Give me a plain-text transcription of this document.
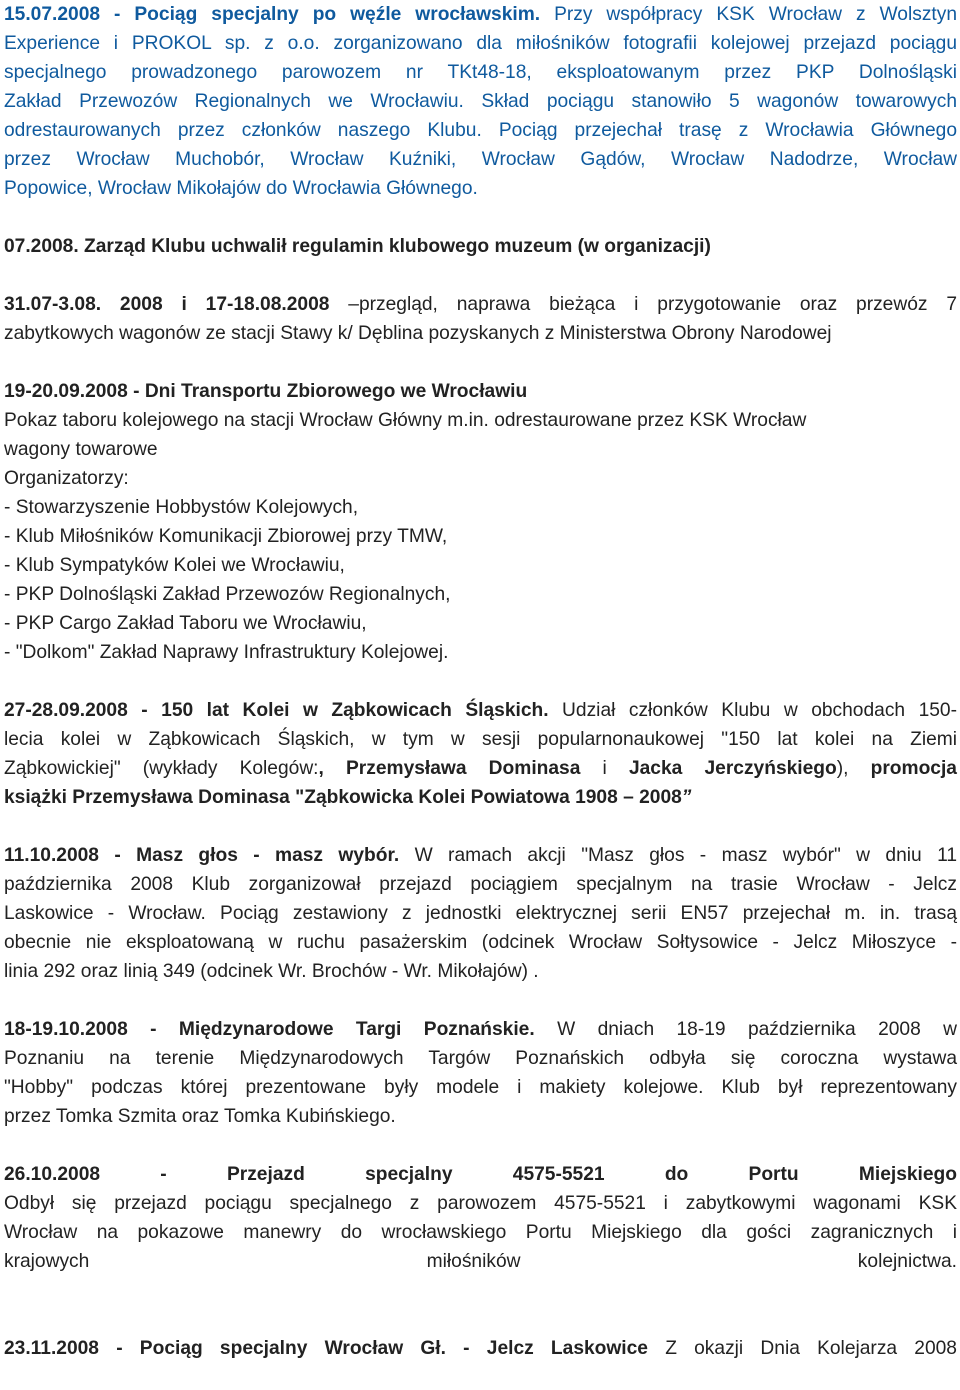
15.07.2008 - Pociąg specjalny po węźle wrocławskim. Przy współpracy KSK Wrocław z Wolsztyn
Experience i PROKOL sp. z o.o. zorganizowano dla miłośników fotografii kolejowej przejazd pociągu
specjalnego prowadzonego parowozem nr TKt48-18, eksploatowanym przez PKP Dolnośląski
Zakład Przewozów Regionalnych we Wrocławiu. Skład pociągu stanowiło 5 wagonów towarowych
odrestaurowanych przez członków naszego Klubu. Pociąg przejechał trasę z Wrocławia Głównego
przez Wrocław Muchobór, Wrocław Kuźniki, Wrocław Gądów, Wrocław Nadodrze, Wrocław
Popowice, Wrocław Mikołajów do Wrocławia Głównego.
07.2008. Zarząd Klubu uchwalił regulamin klubowego muzeum (w organizacji)
31.07-3.08. 2008 i 17-18.08.2008 –przegląd, naprawa bieżąca i przygotowanie oraz przewóz 7
zabytkowych wagonów ze stacji Stawy k/ Dęblina pozyskanych z Ministerstwa Obrony Narodowej
19-20.09.2008 - Dni Transportu Zbiorowego we Wrocławiu
Pokaz taboru kolejowego na stacji Wrocław Główny m.in. odrestaurowane przez KSK Wrocław
wagony towarowe
Organizatorzy:
- Stowarzyszenie Hobbystów Kolejowych,
- Klub Miłośników Komunikacji Zbiorowej przy TMW,
- Klub Sympatyków Kolei we Wrocławiu,
- PKP Dolnośląski Zakład Przewozów Regionalnych,
- PKP Cargo Zakład Taboru we Wrocławiu,
- "Dolkom" Zakład Naprawy Infrastruktury Kolejowej.
27-28.09.2008 - 150 lat Kolei w Ząbkowicach Śląskich. Udział członków Klubu w obchodach 150-
lecia kolei w Ząbkowicach Śląskich, w tym w sesji popularnonaukowej "150 lat kolei na Ziemi
Ząbkowickiej" (wykłady Kolegów:, Przemysława Dominasa i Jacka Jerczyńskiego), promocja
książki Przemysława Dominasa "Ząbkowicka Kolei Powiatowa 1908 – 2008”
11.10.2008 - Masz głos - masz wybór. W ramach akcji "Masz głos - masz wybór" w dniu 11
października 2008 Klub zorganizował przejazd pociągiem specjalnym na trasie Wrocław - Jelcz
Laskowice - Wrocław. Pociąg zestawiony z jednostki elektrycznej serii EN57 przejechał m. in. trasą
obecnie nie eksploatowaną w ruchu pasażerskim (odcinek Wrocław Sołtysowice - Jelcz Miłoszyce -
linia 292 oraz linią 349 (odcinek Wr. Brochów - Wr. Mikołajów) .
18-19.10.2008 - Międzynarodowe Targi Poznańskie. W dniach 18-19 października 2008 w
Poznaniu na terenie Międzynarodowych Targów Poznańskich odbyła się coroczna wystawa
"Hobby" podczas której prezentowane były modele i makiety kolejowe. Klub był reprezentowany
przez Tomka Szmita oraz Tomka Kubińskiego.
26.10.2008 - Przejazd specjalny 4575-5521 do Portu Miejskiego
Odbył się przejazd pociągu specjalnego z parowozem 4575-5521 i zabytkowymi wagonami KSK
Wrocław na pokazowe manewry do wrocławskiego Portu Miejskiego dla gości zagranicznych i
krajowych miłośników kolejnictwa.
23.11.2008 - Pociąg specjalny Wrocław Gł. - Jelcz Laskowice Z okazji Dnia Kolejarza 2008
